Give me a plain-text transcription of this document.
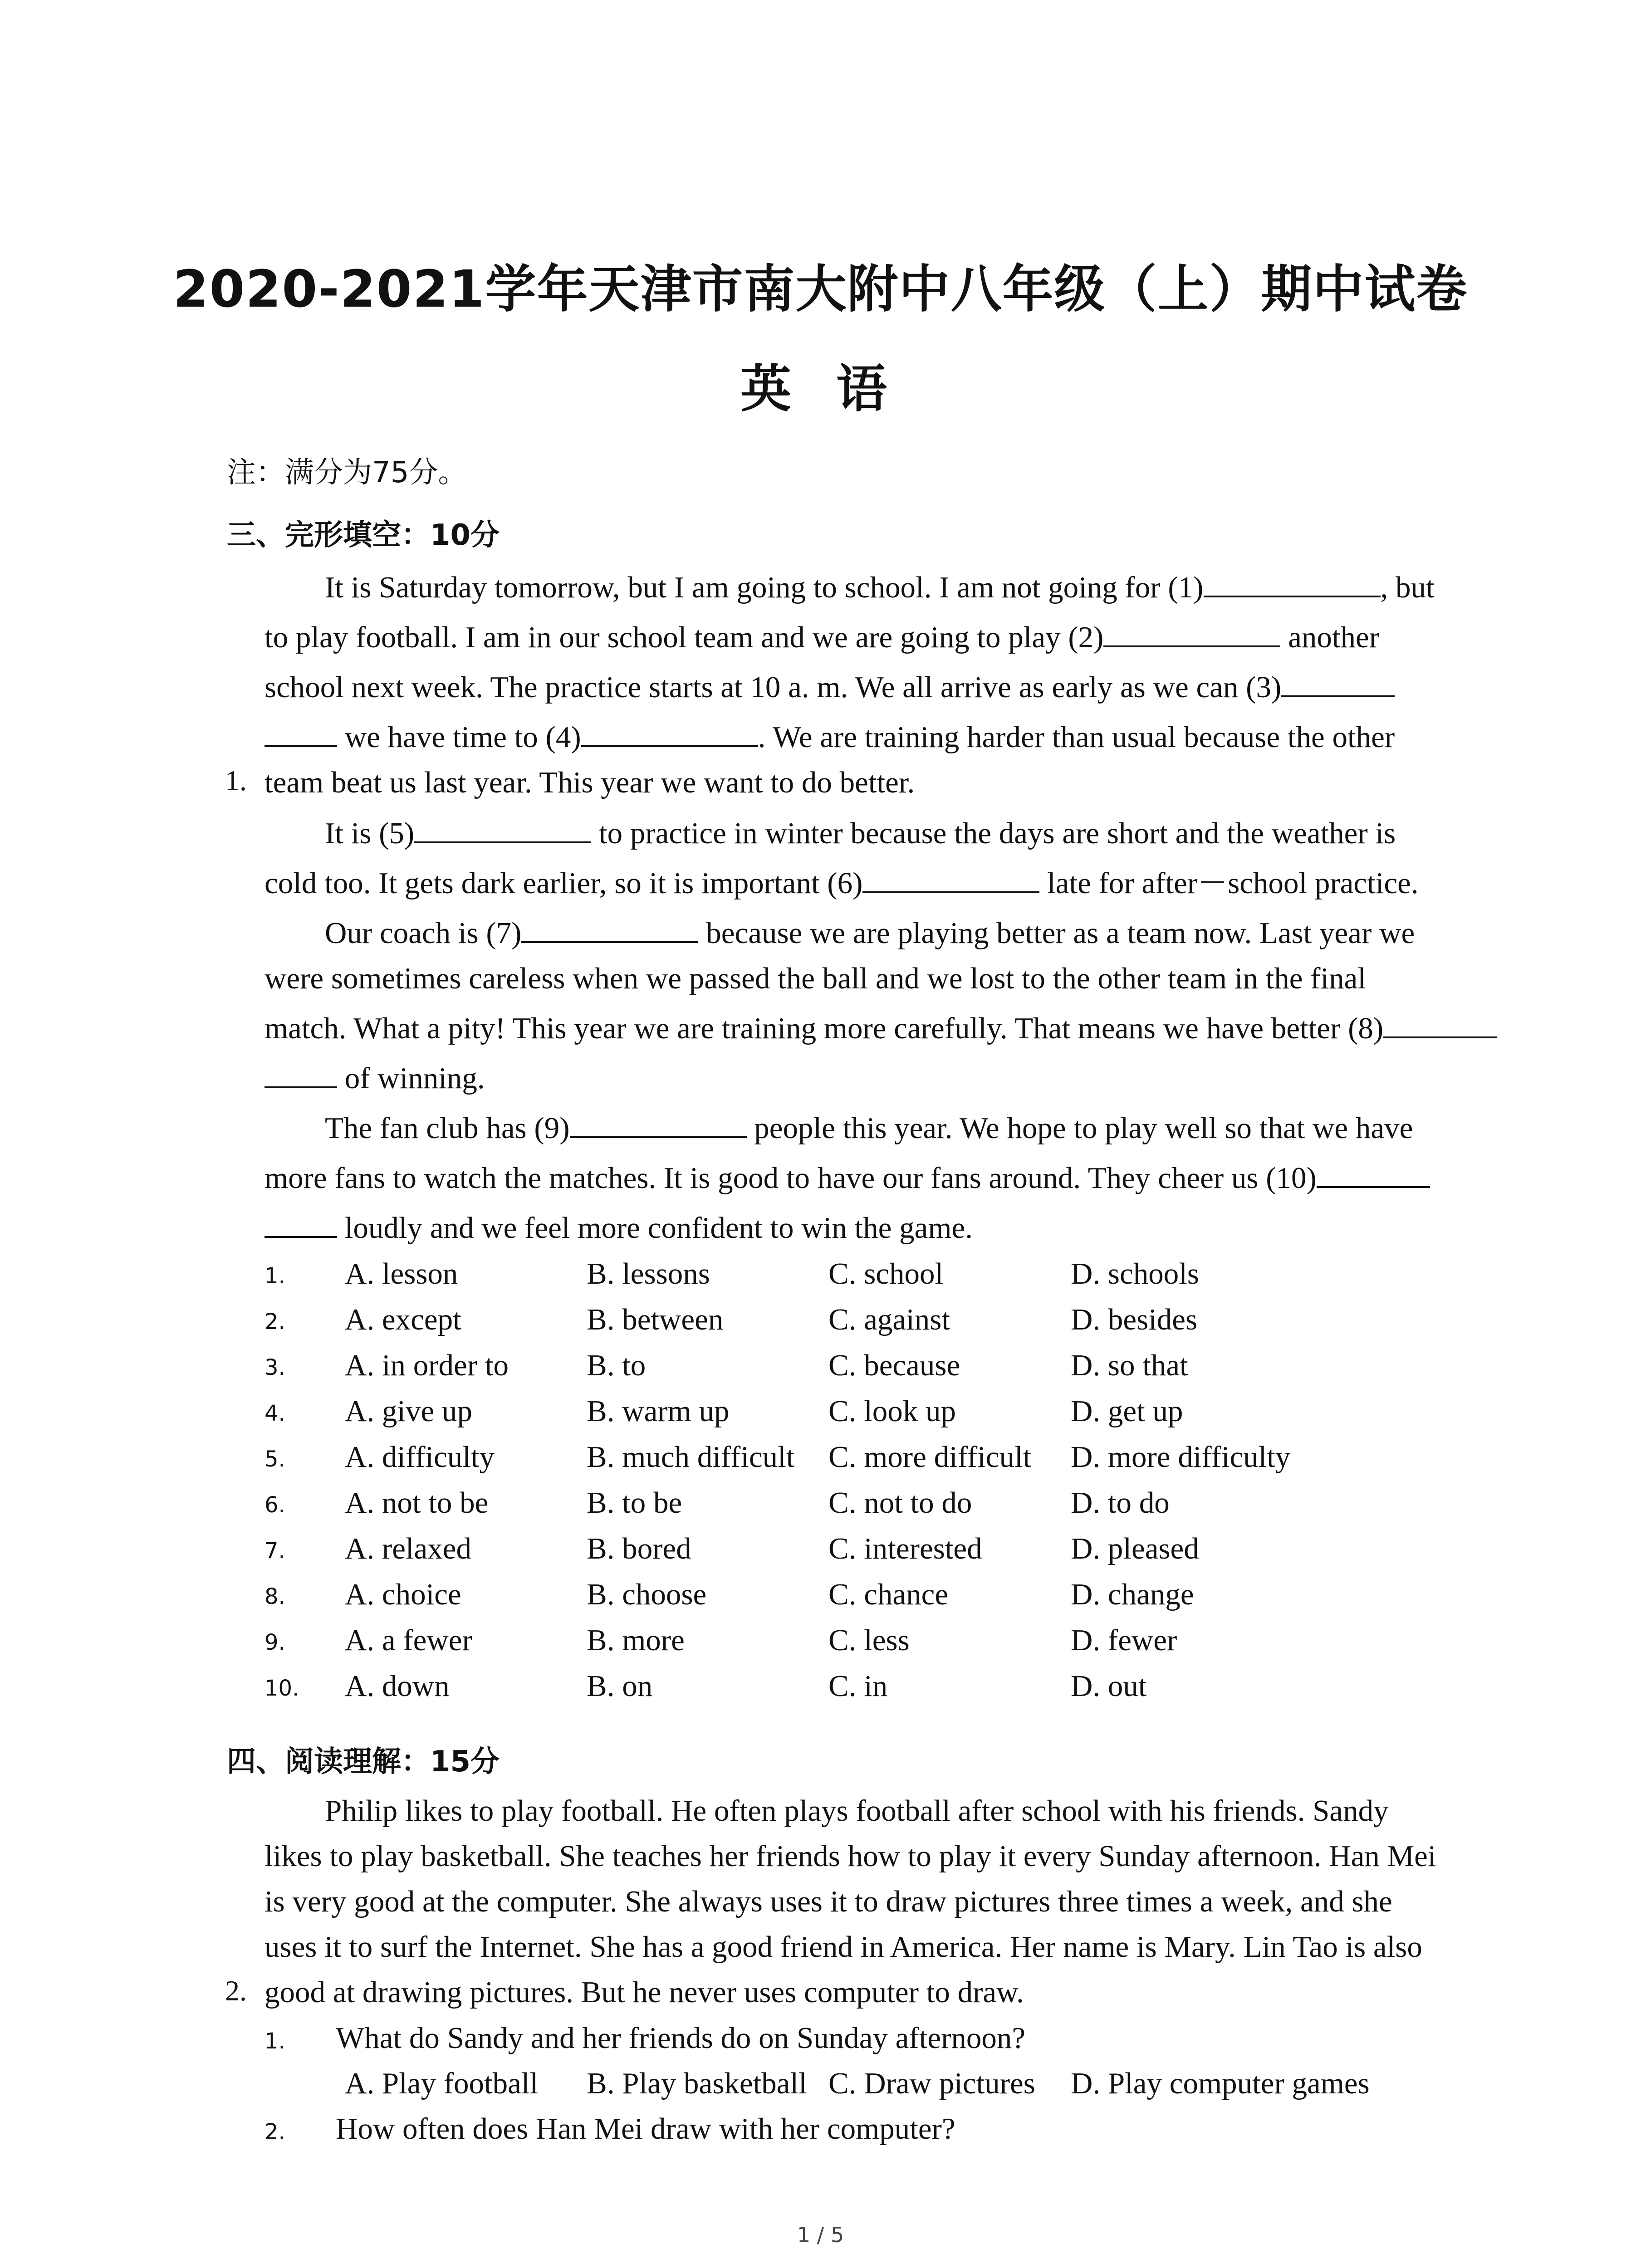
2020-2021学年天津市南大附中八年级（上）期中试卷
英 语
注：满分为75分。
三、完形填空：10分
1.
It is Saturday tomorrow, but I am going to school. I am not going for (1)	, but
to play football. I am in our school team and we are going to play (2)	another
school next week. The practice starts at 10 a. m. We all arrive as early as we can (3)
we have time to (4)	. We are training harder than usual because the other
team beat us last year. This year we want to do better.
It is (5)	to practice in winter because the days are short and the weather is
cold too. It gets dark earlier, so it is important (6)	late for after－school practice.
Our coach is (7)	because we are playing better as a team now. Last year we
were sometimes careless when we passed the ball and we lost to the other team in the final
match. What a pity! This year we are training more carefully. That means we have better (8)
of winning.
The fan club has (9)	people this year. We hope to play well so that we have
more fans to watch the matches. It is good to have our fans around. They cheer us (10)
loudly and we feel more confident to win the game.
1. A. lesson	B. lessons	C. school	D. schools
2. A. except	B. between	C. against	D. besides
3. A. in order to	B. to	C. because	D. so that
4. A. give up	B. warm up	C. look up	D. get up
5. A. difficulty	B. much difficult C. more difficult D. more difficulty
6. A. not to be	B. to be	C. not to do	D. to do
7. A. relaxed	B. bored	C. interested	D. pleased
8. A. choice	B. choose	C. chance	D. change
9. A. a fewer	B. more	C. less	D. fewer
10. A. down	B. on	C. in	D. out
四、阅读理解：15分
2.
Philip likes to play football. He often plays football after school with his friends. Sandy
likes to play basketball. She teaches her friends how to play it every Sunday afternoon. Han Mei
is very good at the computer. She always uses it to draw pictures three times a week, and she
uses it to surf the Internet. She has a good friend in America. Her name is Mary. Lin Tao is also
good at drawing pictures. But he never uses computer to draw.
1. What do Sandy and her friends do on Sunday afternoon?
A. Play football B. Play basketball C. Draw pictures D. Play computer games
2. How often does Han Mei draw with her computer?
1 / 5
